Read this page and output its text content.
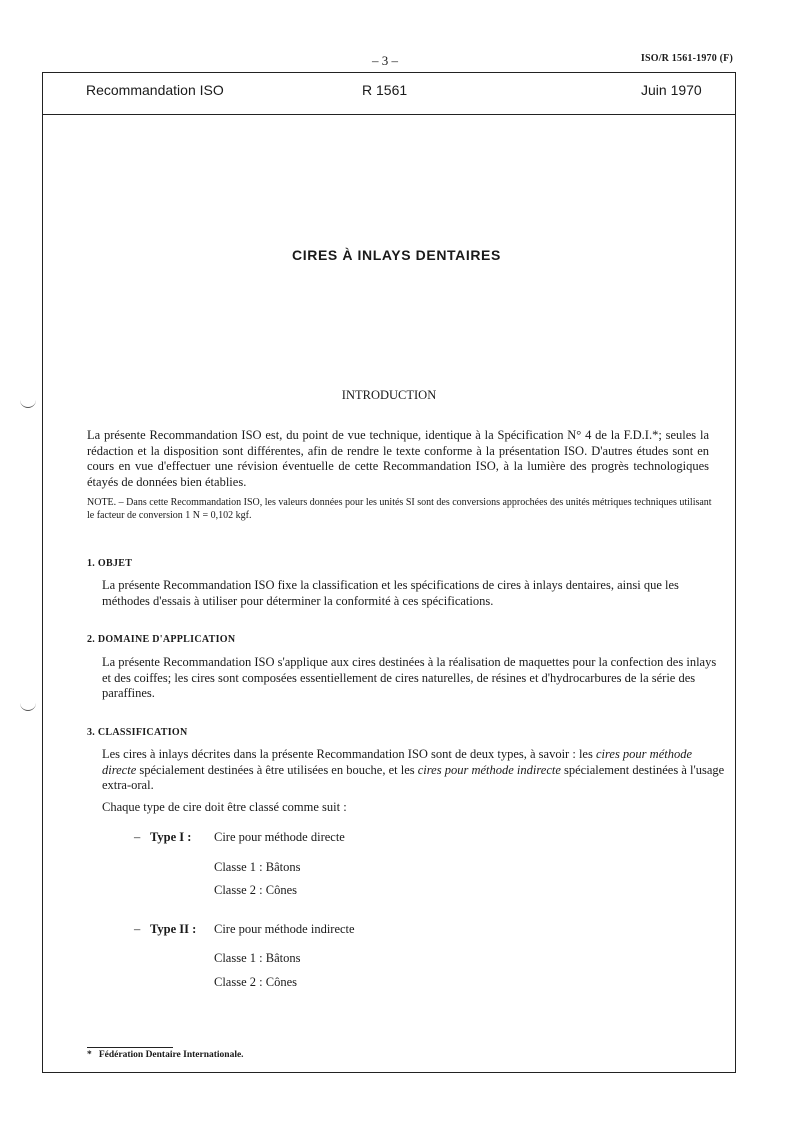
– 3 –	ISO/R 1561-1970 (F)
Recommandation ISO	R 1561	Juin 1970
CIRES À INLAYS DENTAIRES
INTRODUCTION
La présente Recommandation ISO est, du point de vue technique, identique à la Spécification N° 4 de la F.D.I.*; seules la rédaction et la disposition sont différentes, afin de rendre le texte conforme à la présentation ISO. D'autres études sont en cours en vue d'effectuer une révision éventuelle de cette Recommandation ISO, à la lumière des progrès technologiques étayés de données bien établies.
NOTE. – Dans cette Recommandation ISO, les valeurs données pour les unités SI sont des conversions approchées des unités métriques techniques utilisant le facteur de conversion 1 N = 0,102 kgf.
1. OBJET
La présente Recommandation ISO fixe la classification et les spécifications de cires à inlays dentaires, ainsi que les méthodes d'essais à utiliser pour déterminer la conformité à ces spécifications.
2. DOMAINE D'APPLICATION
La présente Recommandation ISO s'applique aux cires destinées à la réalisation de maquettes pour la confection des inlays et des coiffes; les cires sont composées essentiellement de cires naturelles, de résines et d'hydrocarbures de la série des paraffines.
3. CLASSIFICATION
Les cires à inlays décrites dans la présente Recommandation ISO sont de deux types, à savoir : les cires pour méthode directe spécialement destinées à être utilisées en bouche, et les cires pour méthode indirecte spécialement destinées à l'usage extra-oral.
Chaque type de cire doit être classé comme suit :
– Type I : Cire pour méthode directe
Classe 1 : Bâtons
Classe 2 : Cônes
– Type II : Cire pour méthode indirecte
Classe 1 : Bâtons
Classe 2 : Cônes
* Fédération Dentaire Internationale.
